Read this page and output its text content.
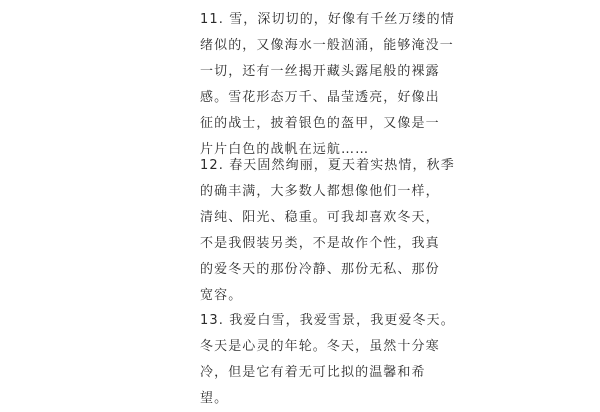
11. 雪，深切切的，好像有千丝万缕的情
绪似的，又像海水一般汹涌，能够淹没一
一切，还有一丝揭开藏头露尾般的裸露
感。雪花形态万千、晶莹透亮，好像出
征的战士，披着银色的盔甲，又像是一
片片白色的战帆在远航……
12. 春天固然绚丽，夏天着实热情，秋季
的确丰满，大多数人都想像他们一样，
清纯、阳光、稳重。可我却喜欢冬天，
不是我假装另类，不是故作个性，我真
的爱冬天的那份冷静、那份无私、那份
宽容。
13. 我爱白雪，我爱雪景，我更爱冬天。
冬天是心灵的年轮。冬天，虽然十分寒
冷，但是它有着无可比拟的温馨和希
望。
